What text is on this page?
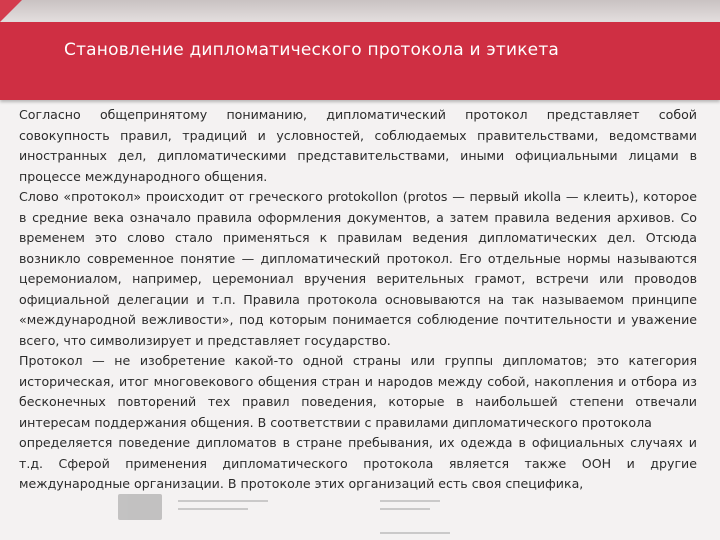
Становление дипломатического протокола и этикета

Согласно общепринятому пониманию, дипломатический протокол представляет собой совокупность правил, традиций и условностей, соблюдаемых правительствами, ведомствами иностранных дел, дипломатическими представительствами, иными официальными лицами в процессе международного общения.

Слово «протокол» происходит от греческого protokollon (protos — первый иkolla — клеить), которое в средние века означало правила оформления документов, а затем правила ведения архивов. Со временем это слово стало применяться к правилам ведения дипломатических дел. Отсюда возникло современное понятие — дипломатический протокол. Его отдельные нормы называются церемониалом, например, церемониал вручения верительных грамот, встречи или проводов официальной делегации и т.п. Правила протокола основываются на так называемом принципе «международной вежливости», под которым понимается соблюдение почтительности и уважение всего, что символизирует и представляет государство.

Протокол — не изобретение какой-то одной страны или группы дипломатов; это категория историческая, итог многовекового общения стран и народов между собой, накопления и отбора из бесконечных повторений тех правил поведения, которые в наибольшей степени отвечали интересам поддержания общения. В соответствии с правилами дипломатического протокола

определяется поведение дипломатов в стране пребывания, их одежда в официальных случаях и т.д. Сферой применения дипломатического протокола является также ООН и другие международные организации. В протоколе этих организаций есть своя специфика,
